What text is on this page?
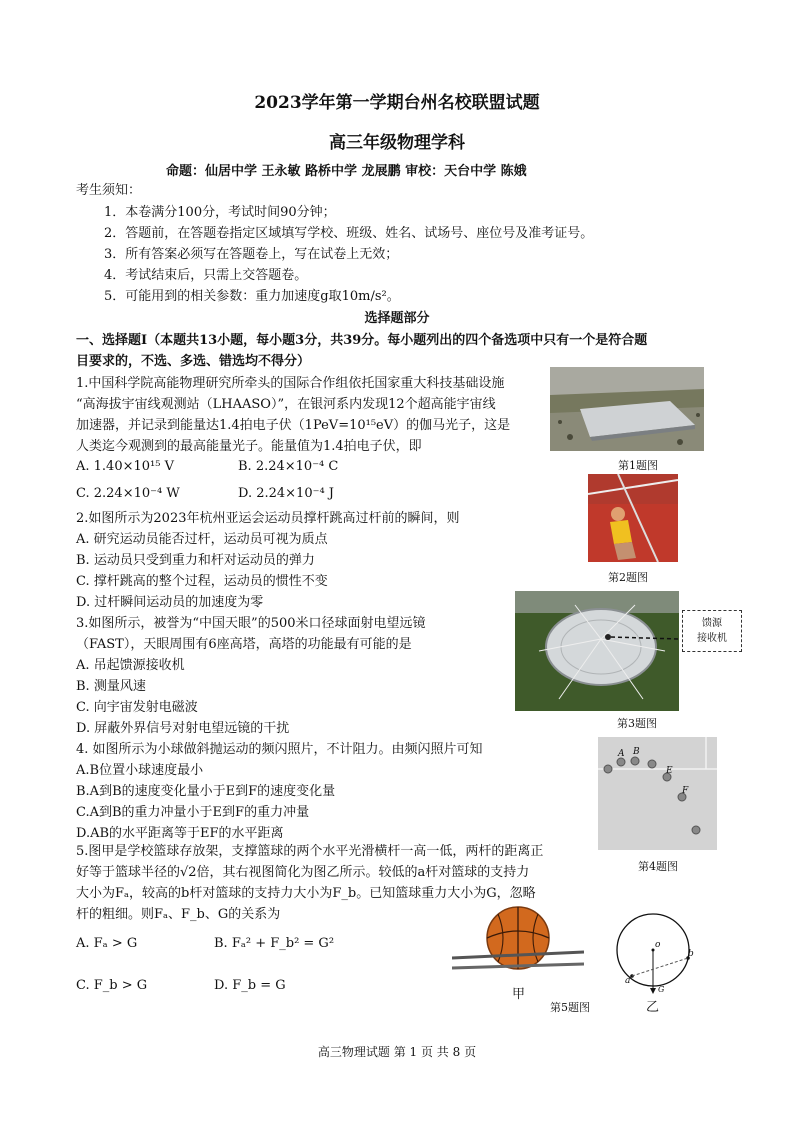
2023学年第一学期台州名校联盟试题
高三年级物理学科
命题：仙居中学 王永敏 路桥中学 龙展鹏 审校：天台中学 陈娥
考生须知：
1．本卷满分100分，考试时间90分钟；
2．答题前，在答题卷指定区域填写学校、班级、姓名、试场号、座位号及准考证号。
3．所有答案必须写在答题卷上，写在试卷上无效；
4．考试结束后，只需上交答题卷。
5．可能用到的相关参数：重力加速度g取10m/s²。
选择题部分
一、选择题Ⅰ（本题共13小题，每小题3分，共39分。每小题列出的四个备选项中只有一个是符合题
目要求的，不选、多选、错选均不得分）
1.中国科学院高能物理研究所牵头的国际合作组依托国家重大科技基础设施
“高海拔宇宙线观测站（LHAASO）”，在银河系内发现12个超高能宇宙线
加速器，并记录到能量达1.4拍电子伏（1PeV=10¹⁵eV）的伽马光子，这是
人类迄今观测到的最高能量光子。能量值为1.4拍电子伏，即
A. 1.40×10¹⁵ V	B. 2.24×10⁻⁴ C
C. 2.24×10⁻⁴ W	D. 2.24×10⁻⁴ J
第1题图
2.如图所示为2023年杭州亚运会运动员撑杆跳高过杆前的瞬间，则
A. 研究运动员能否过杆，运动员可视为质点
B. 运动员只受到重力和杆对运动员的弹力
C. 撑杆跳高的整个过程，运动员的惯性不变
D. 过杆瞬间运动员的加速度为零
第2题图
3.如图所示，被誉为“中国天眼”的500米口径球面射电望远镜
（FAST），天眼周围有6座高塔，高塔的功能最有可能的是
A. 吊起馈源接收机
B. 测量风速
C. 向宇宙发射电磁波
D. 屏蔽外界信号对射电望远镜的干扰
馈源
接收机
第3题图
4. 如图所示为小球做斜抛运动的频闪照片，不计阻力。由频闪照片可知
A.B位置小球速度最小
B.A到B的速度变化量小于E到F的速度变化量
C.A到B的重力冲量小于E到F的重力冲量
D.AB的水平距离等于EF的水平距离
A B
E
F
第4题图
5.图甲是学校篮球存放架，支撑篮球的两个水平光滑横杆一高一低，两杆的距离正
好等于篮球半径的√2倍，其右视图简化为图乙所示。较低的a杆对篮球的支持力
大小为Fₐ，较高的b杆对篮球的支持力大小为F_b。已知篮球重力大小为G，忽略
杆的粗细。则Fₐ、F_b、G的关系为
A. Fₐ > G	B. Fₐ² + F_b² = G²
C. F_b > G	D. F_b = G
甲
第5题图
o
a
b
G
乙
高三物理试题 第 1 页 共 8 页
